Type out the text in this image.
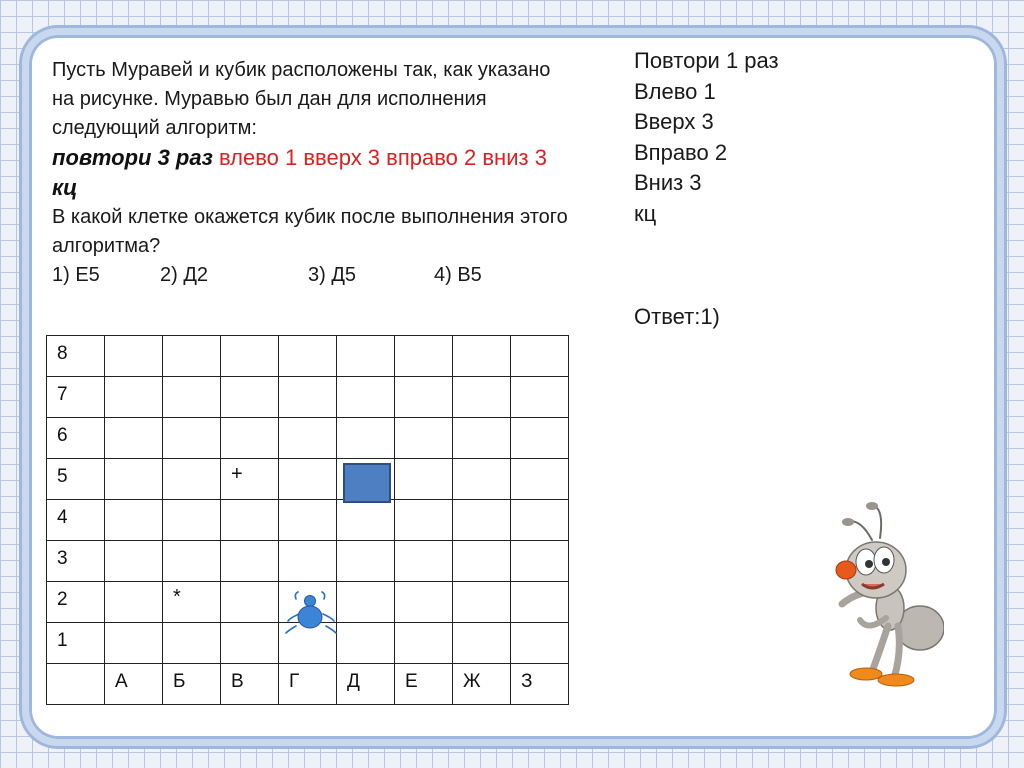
Пусть Муравей и кубик расположены так, как указано на рисунке. Муравью был дан для исполнения следующий алгоритм:
повтори 3 раз влево 1 вверх 3 вправо 2 вниз 3 кц
В какой клетке окажется кубик после выполнения этого алгоритма?
1) Е5	2) Д2	3) Д5	4) В5
Повтори 1 раз
Влево 1
Вверх 3
Вправо 2
Вниз 3
кц
Ответ:1)
8								

7								

6								

5			+					

4								

3								

2		*						

1								

	А	Б	В	Г	Д	Е	Ж	З
